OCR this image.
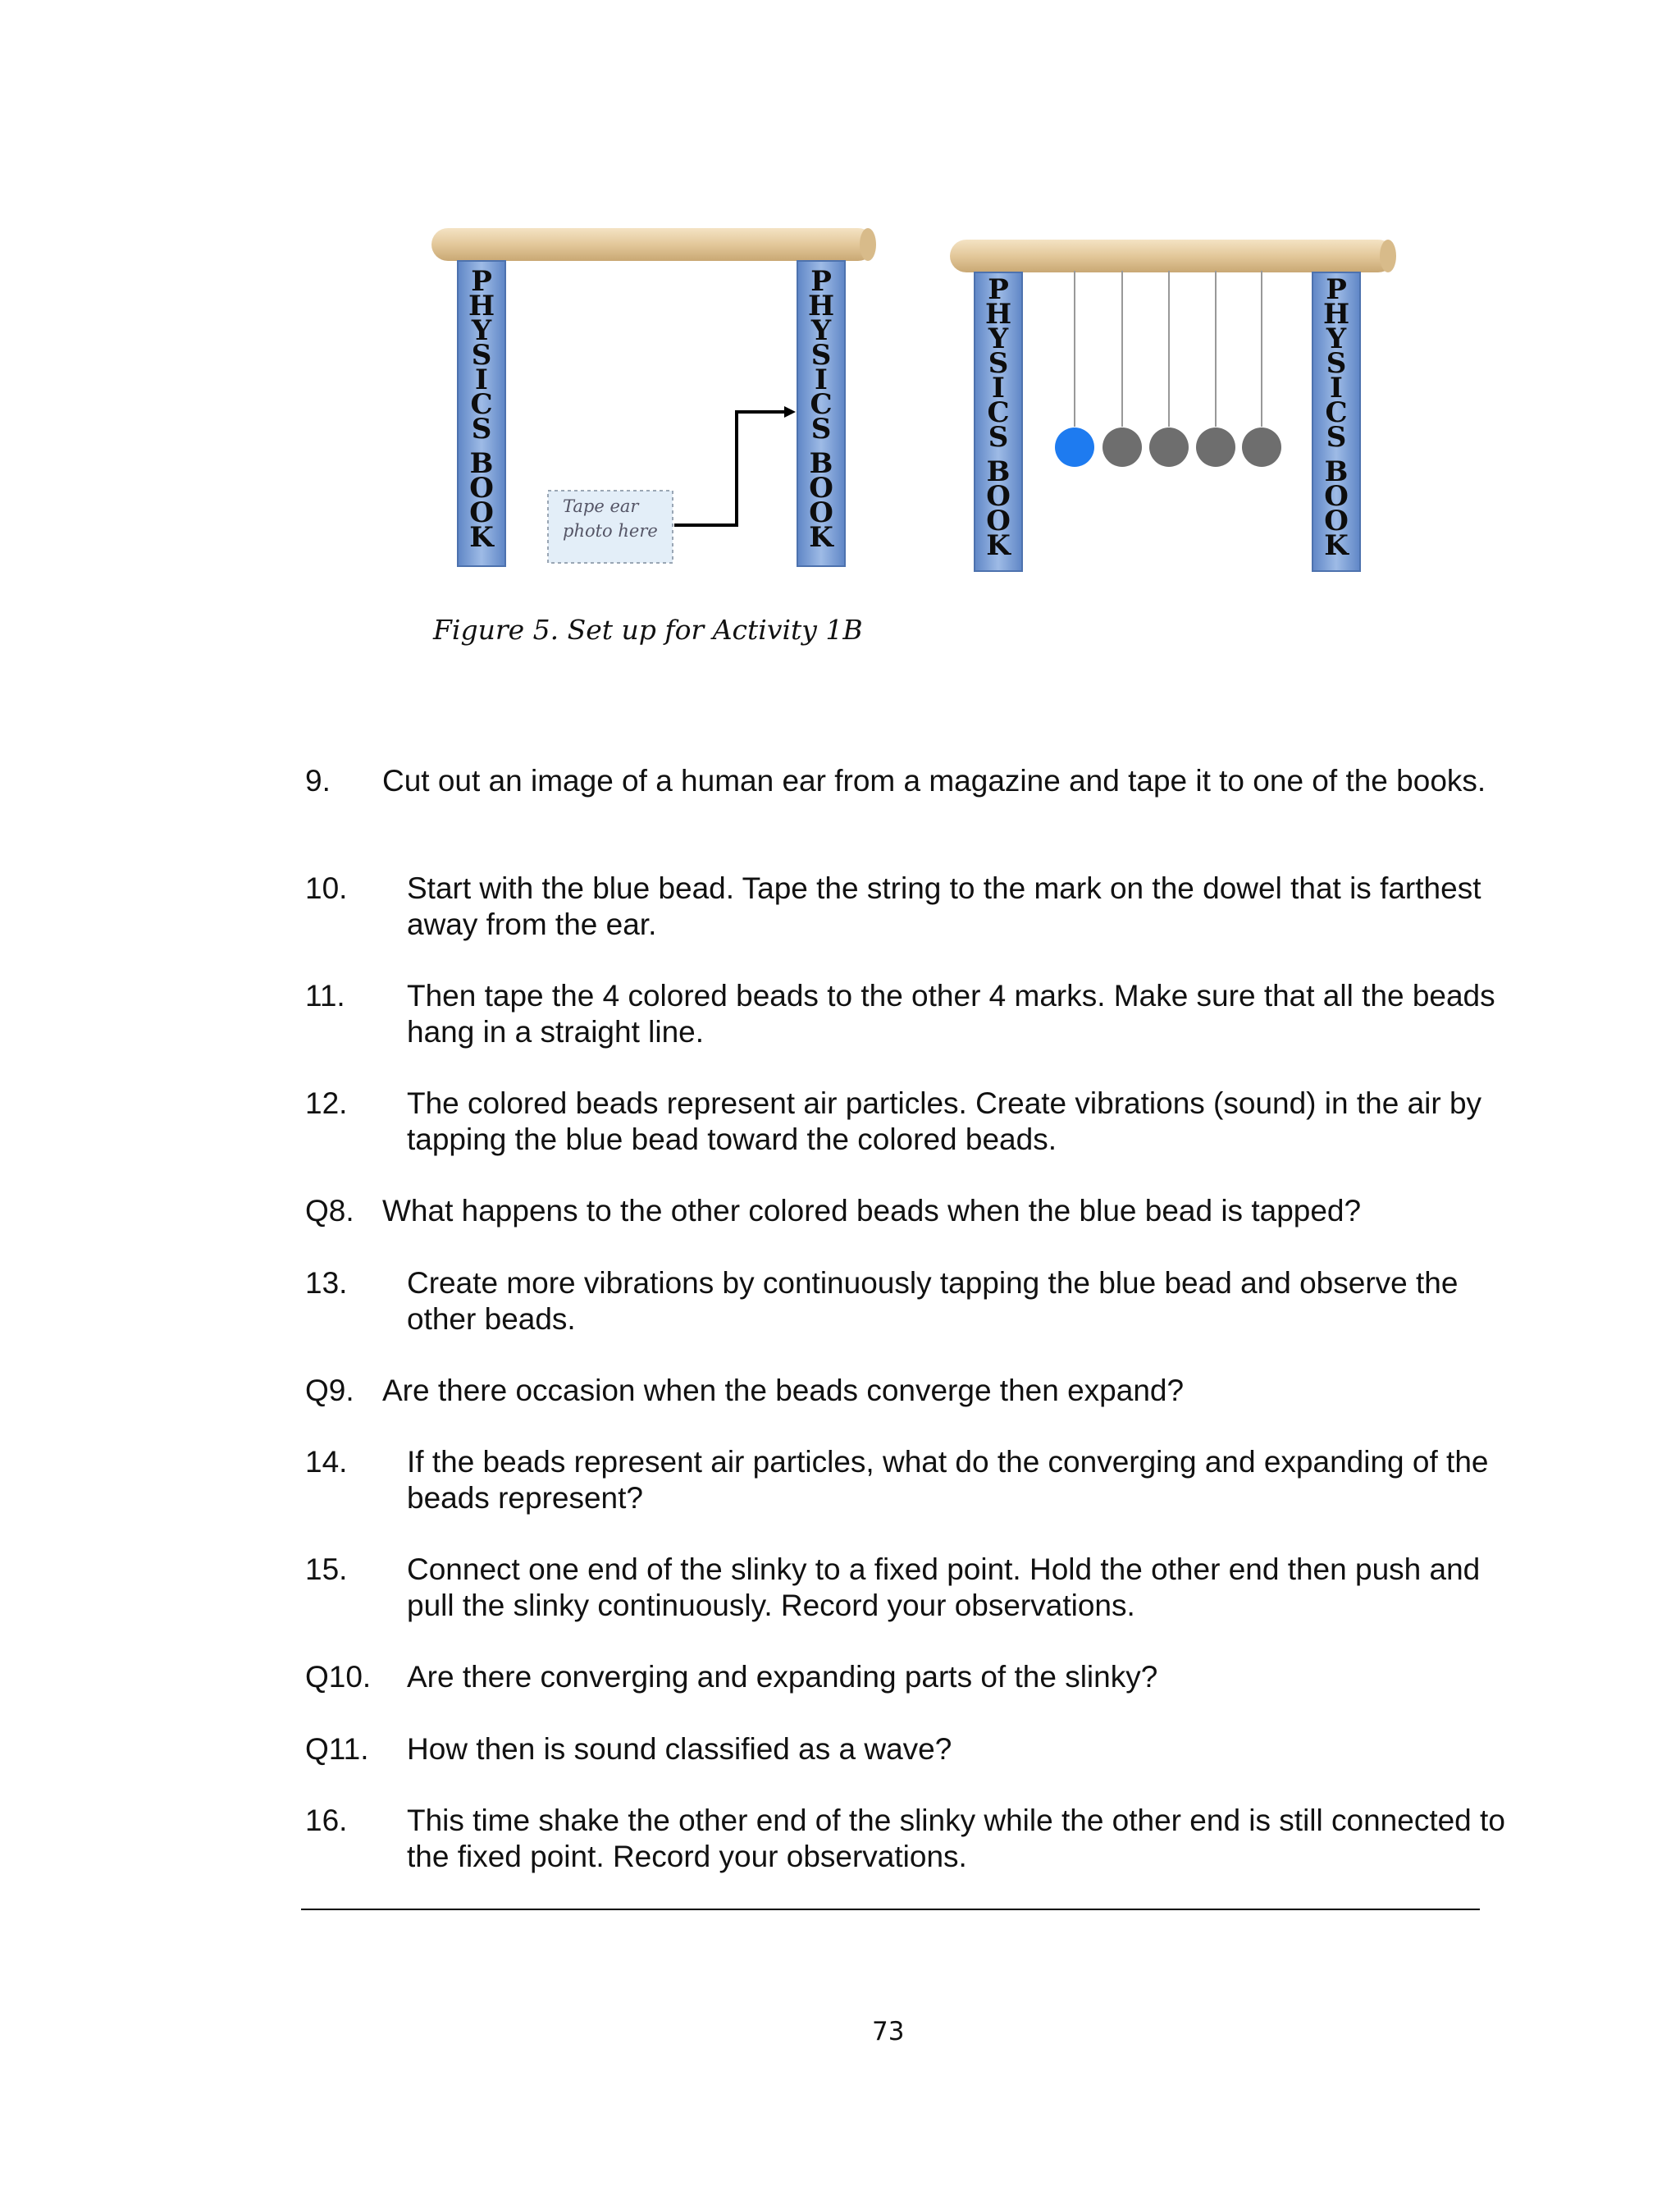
P
H
Y
S
I
C
S
B
O
O
K
P
H
Y
S
I
C
S
B
O
O
K
Tape ear
photo here
P
H
Y
S
I
C
S
B
O
O
K
P
H
Y
S
I
C
S
B
O
O
K

Figure 5. Set up for Activity 1B

9. Cut out an image of a human ear from a magazine and tape it to one of the books.
10. Start with the blue bead. Tape the string to the mark on the dowel that is farthest away from the ear.
11. Then tape the 4 colored beads to the other 4 marks. Make sure that all the beads hang in a straight line.
12. The colored beads represent air particles. Create vibrations (sound) in the air by tapping the blue bead toward the colored beads.
Q8. What happens to the other colored beads when the blue bead is tapped?
13. Create more vibrations by continuously tapping the blue bead and observe the other beads.
Q9. Are there occasion when the beads converge then expand?
14. If the beads represent air particles, what do the converging and expanding of the beads represent?
15. Connect one end of the slinky to a fixed point. Hold the other end then push and pull the slinky continuously. Record your observations.
Q10. Are there converging and expanding parts of the slinky?
Q11. How then is sound classified as a wave?
16. This time shake the other end of the slinky while the other end is still connected to the fixed point. Record your observations.

73
